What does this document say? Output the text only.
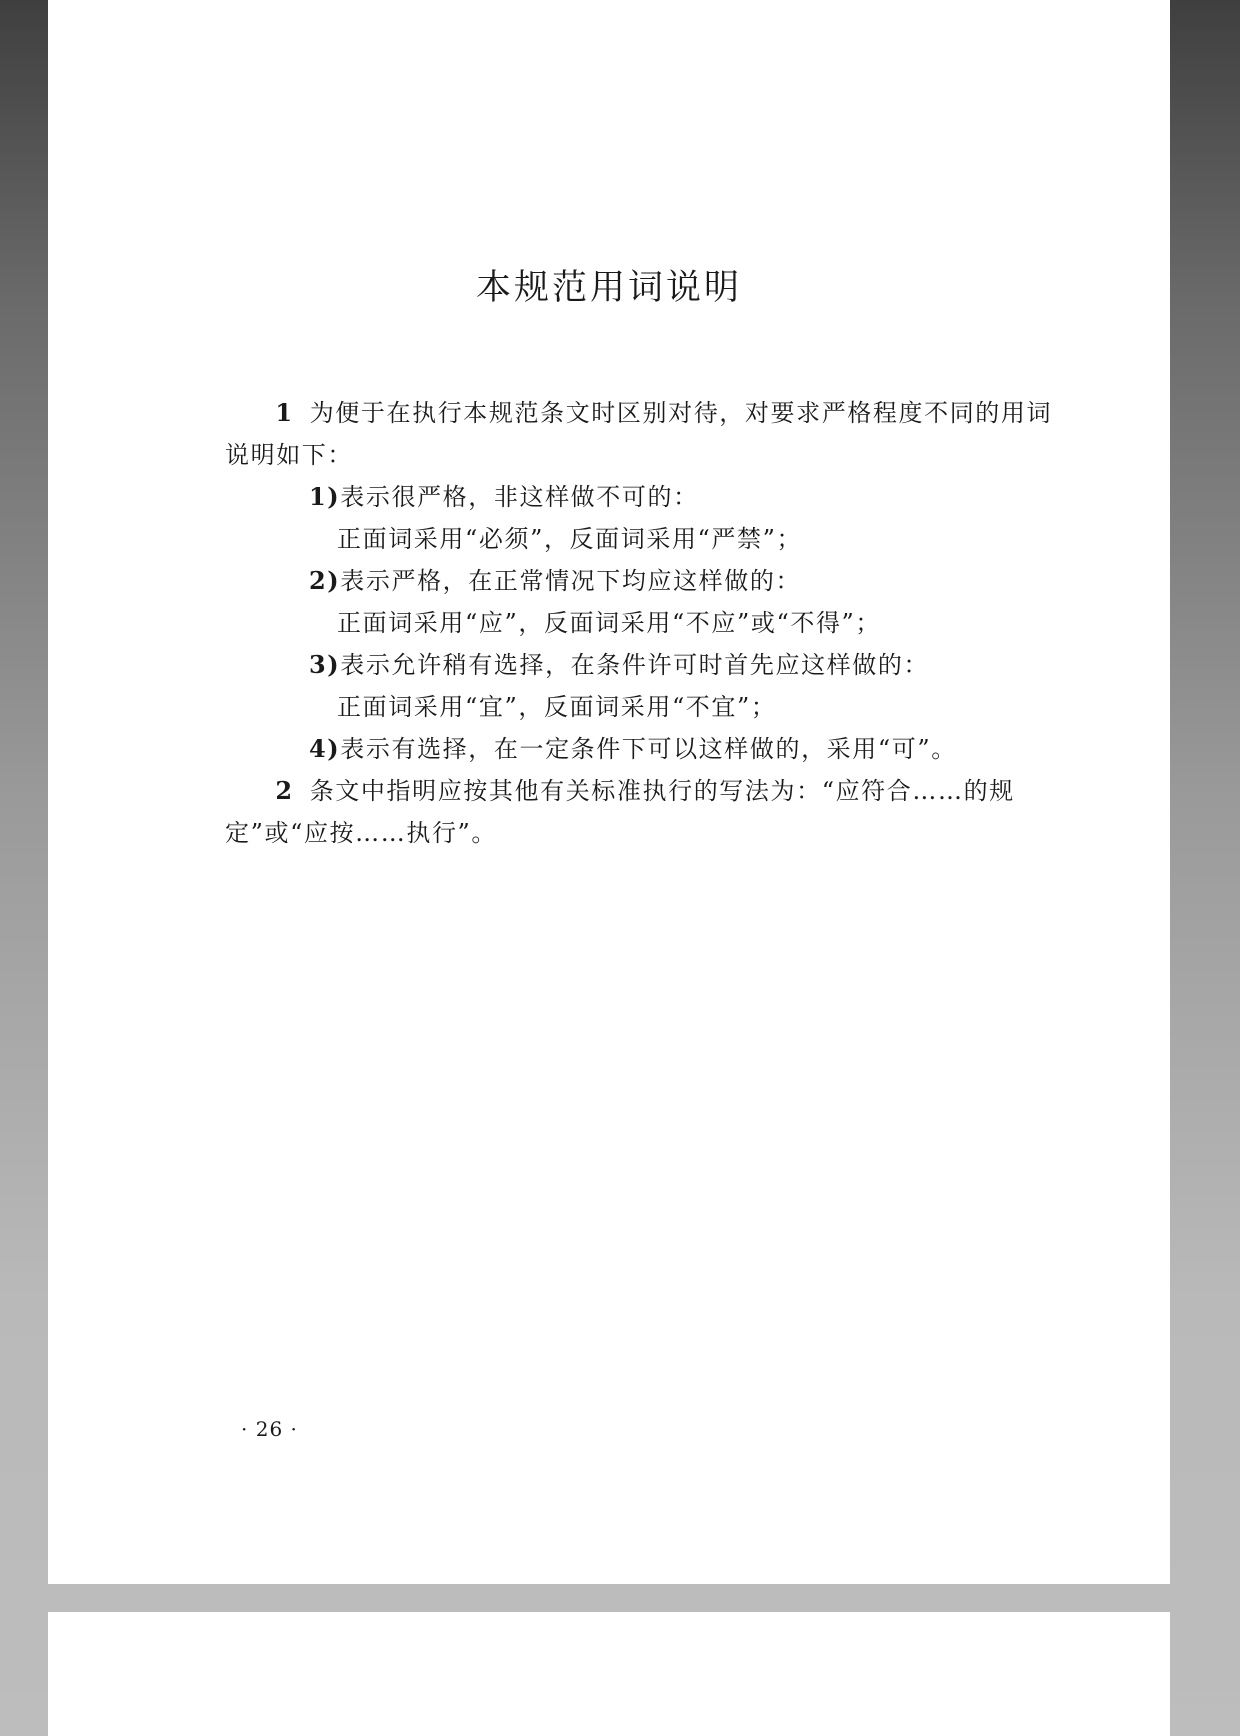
本规范用词说明

1 为便于在执行本规范条文时区别对待，对要求严格程度不同的用词说明如下：

1)表示很严格，非这样做不可的：

正面词采用“必须”，反面词采用“严禁”；

2)表示严格，在正常情况下均应这样做的：

正面词采用“应”，反面词采用“不应”或“不得”；

3)表示允许稍有选择，在条件许可时首先应这样做的：

正面词采用“宜”，反面词采用“不宜”；

4)表示有选择，在一定条件下可以这样做的，采用“可”。

2 条文中指明应按其他有关标准执行的写法为：“应符合……的规定”或“应按……执行”。

· 26 ·
